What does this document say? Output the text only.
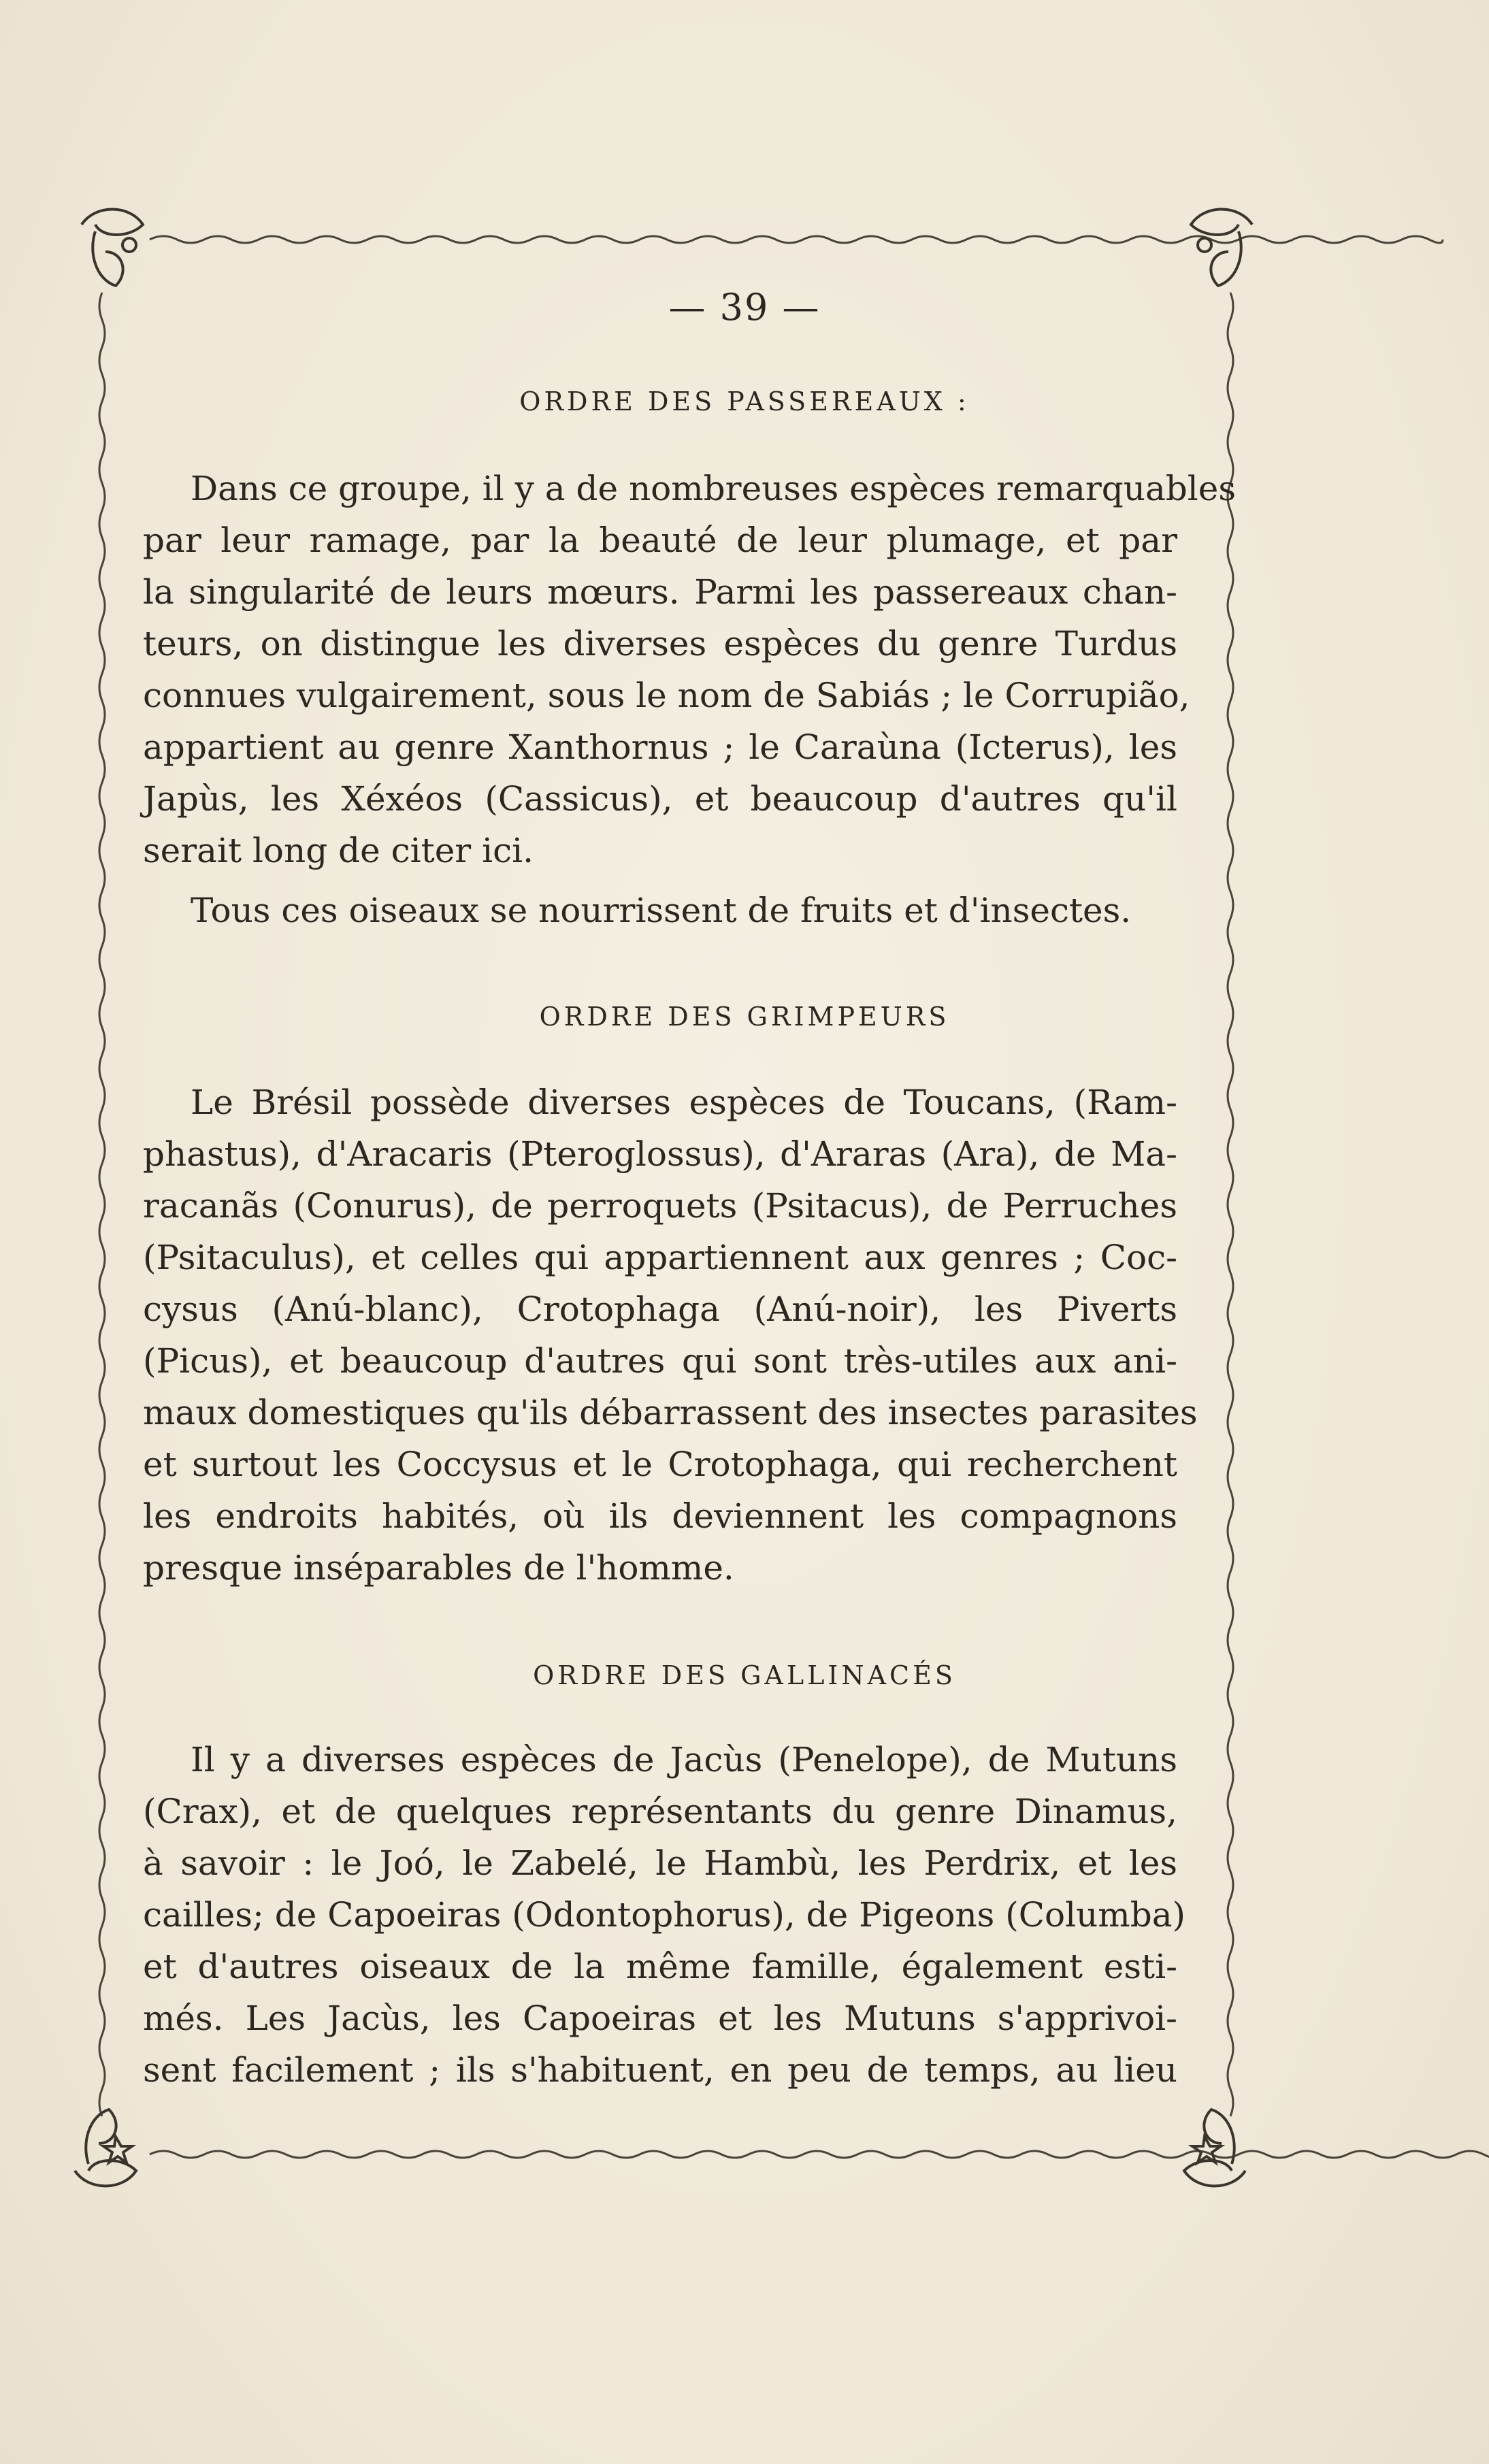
— 39 —
ORDRE DES PASSEREAUX :

Dans ce groupe, il y a de nombreuses espèces remarquables
par leur ramage, par la beauté de leur plumage, et par
la singularité de leurs mœurs. Parmi les passereaux chan-
teurs, on distingue les diverses espèces du genre Turdus
connues vulgairement, sous le nom de Sabiás ; le Corrupião,
appartient au genre Xanthornus ; le Caraùna (Icterus), les
Japùs, les Xéxéos (Cassicus), et beaucoup d'autres qu'il
serait long de citer ici.

Tous ces oiseaux se nourrissent de fruits et d'insectes.

ORDRE DES GRIMPEURS

Le Brésil possède diverses espèces de Toucans, (Ram-
phastus), d'Aracaris (Pteroglossus), d'Araras (Ara), de Ma-
racanãs (Conurus), de perroquets (Psitacus), de Perruches
(Psitaculus), et celles qui appartiennent aux genres ; Coc-
cysus (Anú-blanc), Crotophaga (Anú-noir), les Piverts
(Picus), et beaucoup d'autres qui sont très-utiles aux ani-
maux domestiques qu'ils débarrassent des insectes parasites
et surtout les Coccysus et le Crotophaga, qui recherchent
les endroits habités, où ils deviennent les compagnons
presque inséparables de l'homme.

ORDRE DES GALLINACÉS

Il y a diverses espèces de Jacùs (Penelope), de Mutuns
(Crax), et de quelques représentants du genre Dinamus,
à savoir : le Joó, le Zabelé, le Hambù, les Perdrix, et les
cailles; de Capoeiras (Odontophorus), de Pigeons (Columba)
et d'autres oiseaux de la même famille, également esti-
més. Les Jacùs, les Capoeiras et les Mutuns s'apprivoi-
sent facilement ; ils s'habituent, en peu de temps, au lieu
